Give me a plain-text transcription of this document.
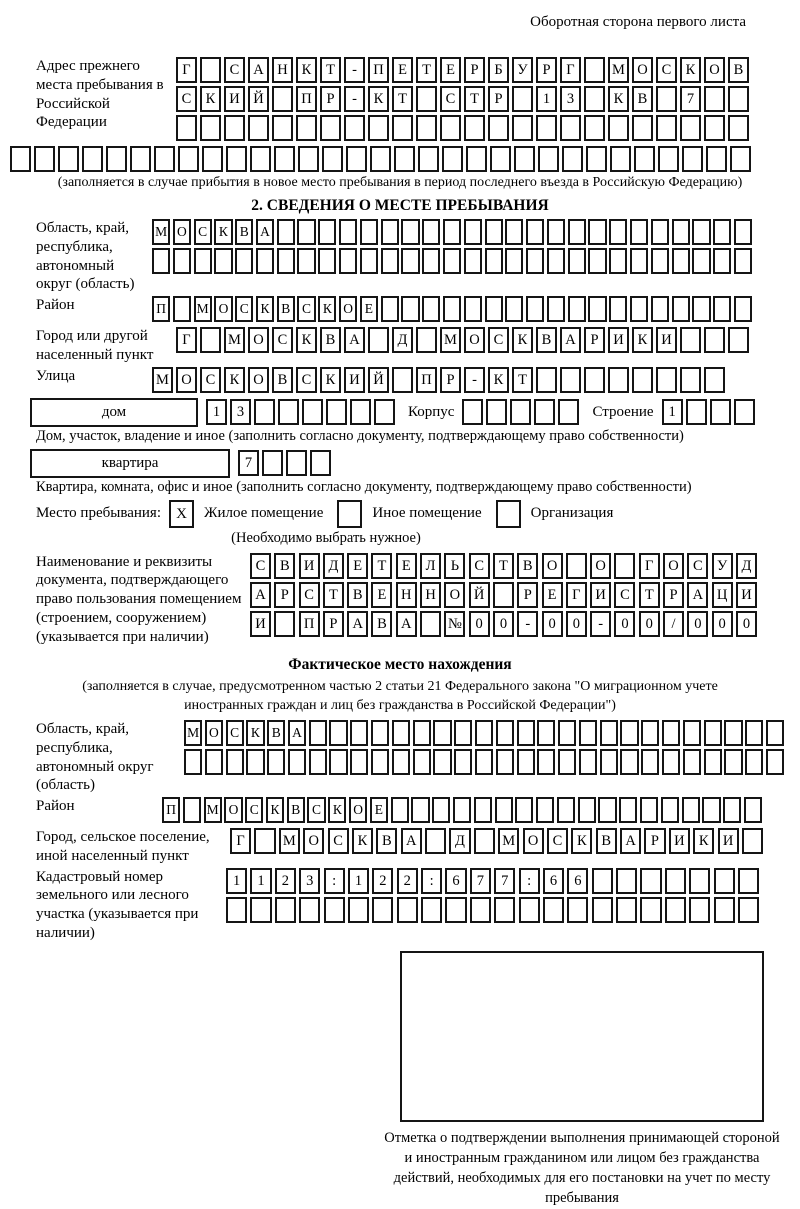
Оборотная сторона первого листа
Адрес прежнего места пребывания в Российской Федерации
Г	С А Н К	Т	-	П Е	Т	Е	Р	Б	У	Р	Г	М О С К О В
С К И Й	П	Р	-	К	Т	С	Т	Р	1	3	К В	7
(заполняется в случае прибытия в новое место пребывания в период последнего въезда в Российскую Федерацию)
2. СВЕДЕНИЯ О МЕСТЕ ПРЕБЫВАНИЯ
Область, край, республика, автономный округ (область)
М О С К В А
Район	П	М О С К В С К О Е
Город или другой населенный пункт
Г	М О С К В А	Д	М О С К В А	Р	И К И
Улица	М О С К О В С К И Й	П	Р	-	К	Т
дом	1	3	Корпус	Строение	1
Дом, участок, владение и иное (заполнить согласно документу, подтверждающему право собственности)
квартира	7
Квартира, комната, офис и иное (заполнить согласно документу, подтверждающему право собственности)
Место пребывания:	X	Жилое помещение	Иное помещение	Организация
(Необходимо выбрать нужное)
Наименование и реквизиты документа, подтверждающего право пользования помещением (строением, сооружением) (указывается при наличии)
С	В И Д	Е	Т	Е	Л	Ь	С	Т	В О	О	Г	О С У Д
А	Р	С	Т	В	Е	Н Н О Й	Р	Е	Г	И С	Т	Р	А Ц И
И	П	Р	А В А	№ 0	0	-	0	0	-	0	0	/	0	0	0
Фактическое место нахождения
(заполняется в случае, предусмотренном частью 2 статьи 21 Федерального закона "О миграционном учете иностранных граждан и лиц без гражданства в Российской Федерации")
Область, край, республика, автономный округ (область)
М О С К В А
Район	П	М О С К В С К О Е
Город, сельское поселение, иной населенный пункт
Г	М О С	К	В А	Д	М О С	К	В А	Р	И К И
Кадастровый номер земельного или лесного участка (указывается при наличии)
1	1	2	3	:	1	2	2	:	6	7	7	:	6	6
Отметка о подтверждении выполнения принимающей стороной и иностранным гражданином или лицом без гражданства действий, необходимых для его постановки на учет по месту пребывания
